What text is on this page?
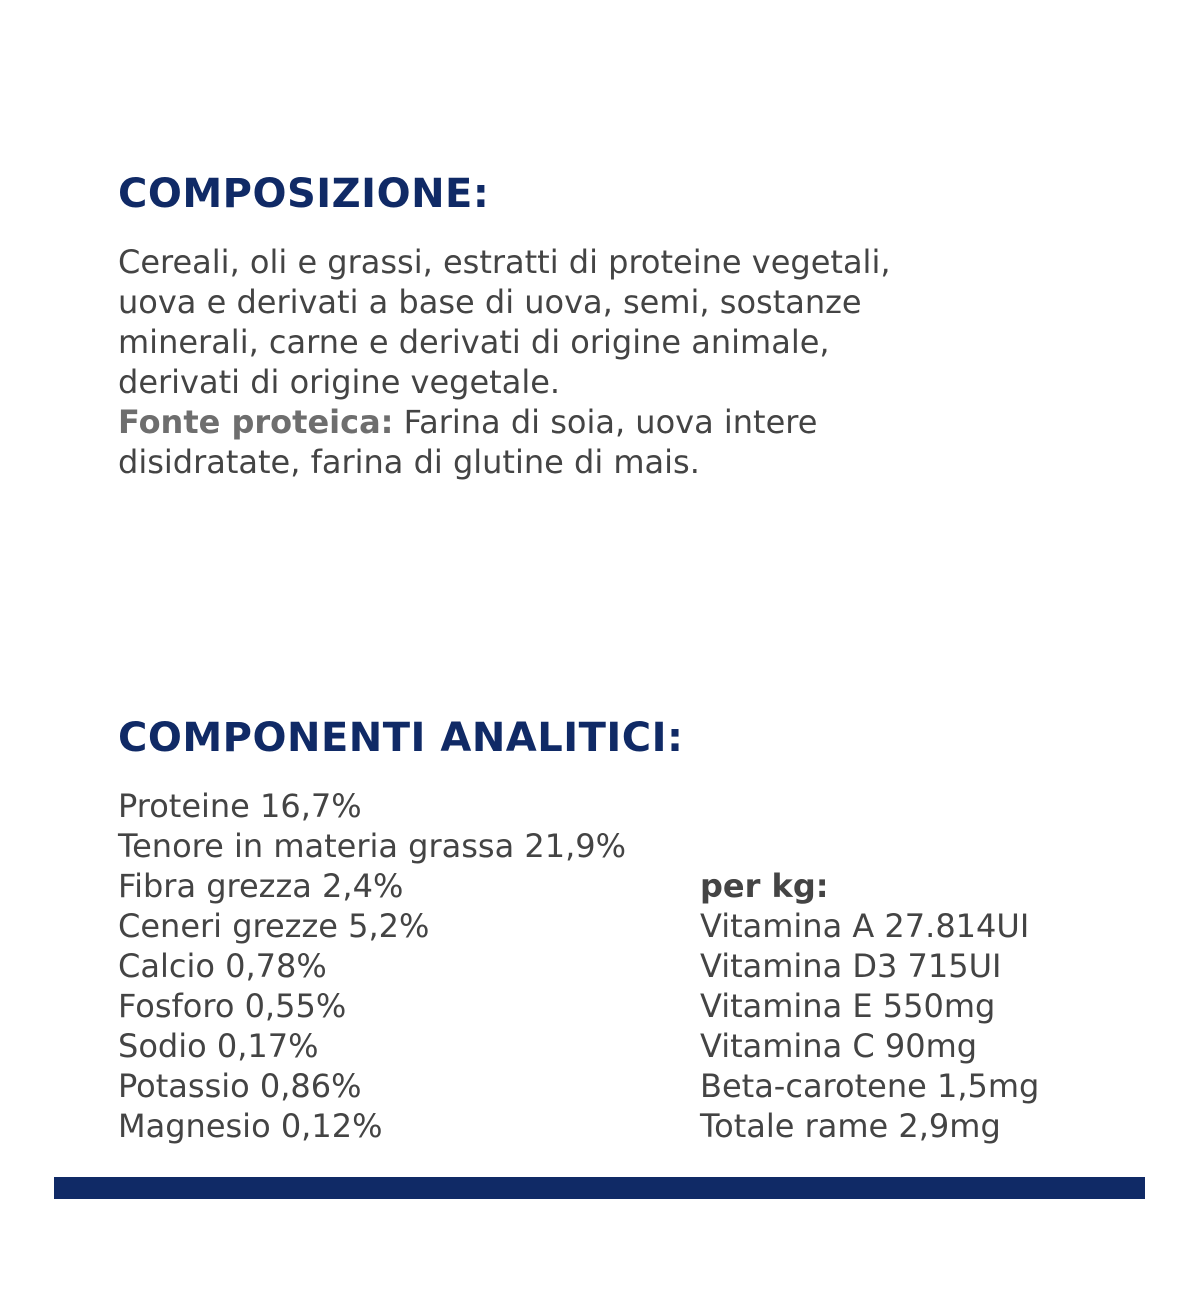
COMPOSIZIONE:
Cereali, oli e grassi, estratti di proteine vegetali,
uova e derivati a base di uova, semi, sostanze
minerali, carne e derivati di origine animale,
derivati di origine vegetale.
Fonte proteica: Farina di soia, uova intere
disidratate, farina di glutine di mais.
COMPONENTI ANALITICI:
Proteine 16,7%
Tenore in materia grassa 21,9%
Fibra grezza 2,4%
Ceneri grezze 5,2%
Calcio 0,78%
Fosforo 0,55%
Sodio 0,17%
Potassio 0,86%
Magnesio 0,12%
per kg:
Vitamina A 27.814UI
Vitamina D3 715UI
Vitamina E 550mg
Vitamina C 90mg
Beta-carotene 1,5mg
Totale rame 2,9mg
